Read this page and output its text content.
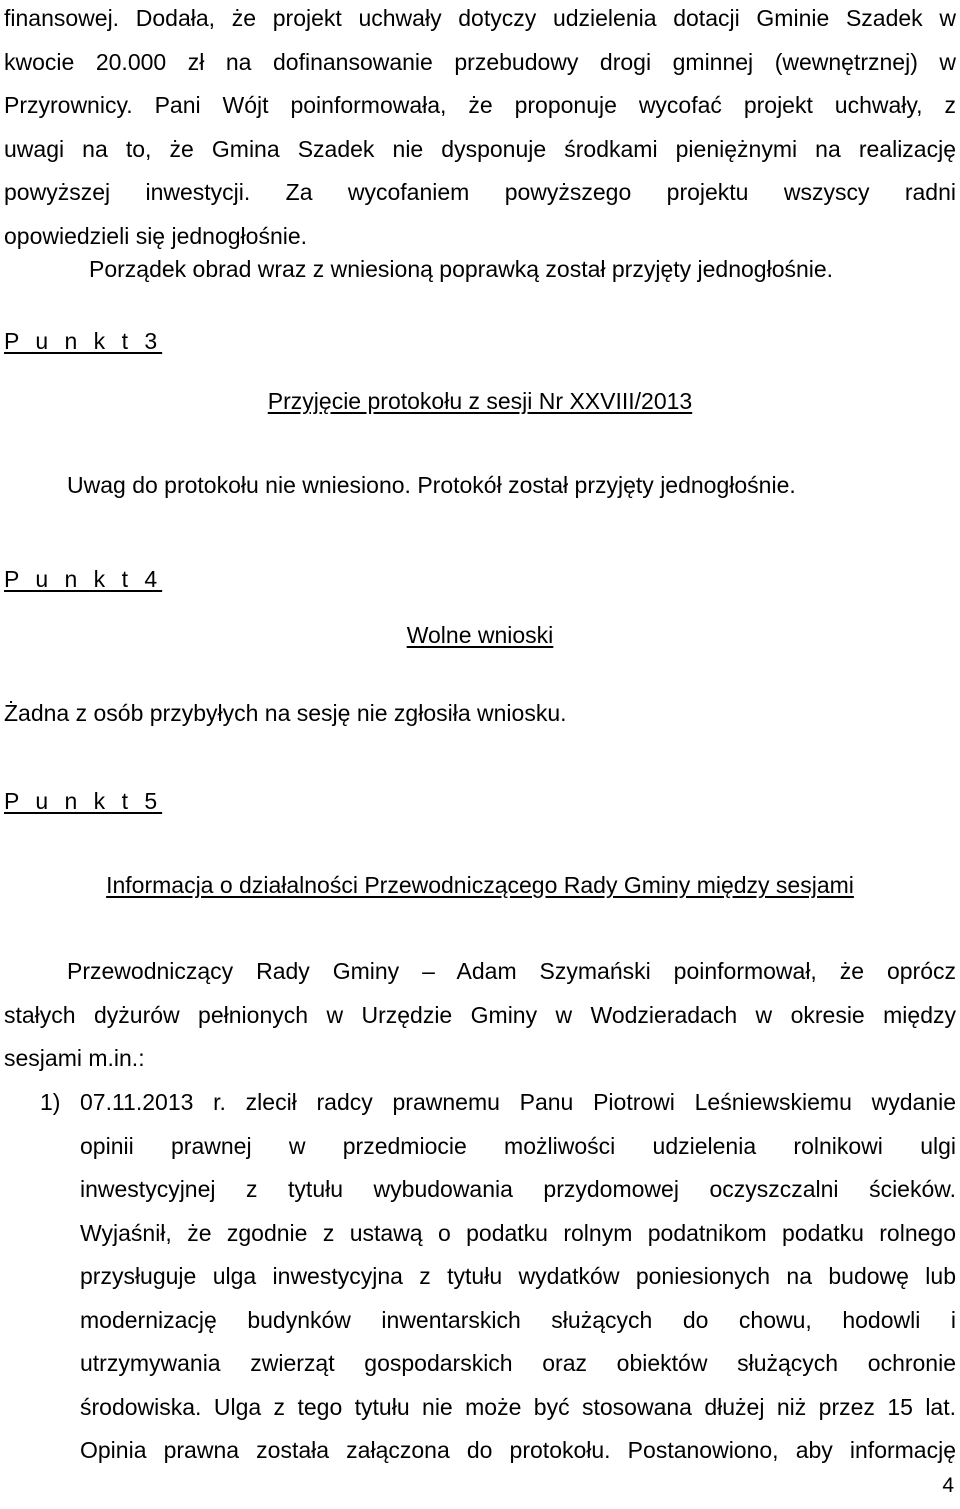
finansowej. Dodała, że projekt uchwały dotyczy udzielenia dotacji Gminie Szadek w
kwocie 20.000 zł na dofinansowanie przebudowy drogi gminnej (wewnętrznej) w
Przyrownicy. Pani Wójt poinformowała, że proponuje wycofać projekt uchwały, z
uwagi na to, że Gmina Szadek nie dysponuje środkami pieniężnymi na realizację
powyższej inwestycji. Za wycofaniem powyższego projektu wszyscy radni
opowiedzieli się jednogłośnie.
Porządek obrad wraz z wniesioną poprawką został przyjęty jednogłośnie.
P u n k t 3
Przyjęcie protokołu z sesji Nr XXVIII/2013
Uwag do protokołu nie wniesiono. Protokół został przyjęty jednogłośnie.
P u n k t 4
Wolne wnioski
Żadna z osób przybyłych na sesję nie zgłosiła wniosku.
P u n k t 5
Informacja o działalności Przewodniczącego Rady Gminy między sesjami
Przewodniczący Rady Gminy – Adam Szymański poinformował, że oprócz
stałych dyżurów pełnionych w Urzędzie Gminy w Wodzieradach w okresie między
sesjami m.in.:
1) 07.11.2013 r. zlecił radcy prawnemu Panu Piotrowi Leśniewskiemu wydanie
opinii prawnej w przedmiocie możliwości udzielenia rolnikowi ulgi
inwestycyjnej z tytułu wybudowania przydomowej oczyszczalni ścieków.
Wyjaśnił, że zgodnie z ustawą o podatku rolnym podatnikom podatku rolnego
przysługuje ulga inwestycyjna z tytułu wydatków poniesionych na budowę lub
modernizację budynków inwentarskich służących do chowu, hodowli i
utrzymywania zwierząt gospodarskich oraz obiektów służących ochronie
środowiska. Ulga z tego tytułu nie może być stosowana dłużej niż przez 15 lat.
Opinia prawna została załączona do protokołu. Postanowiono, aby informację
4
